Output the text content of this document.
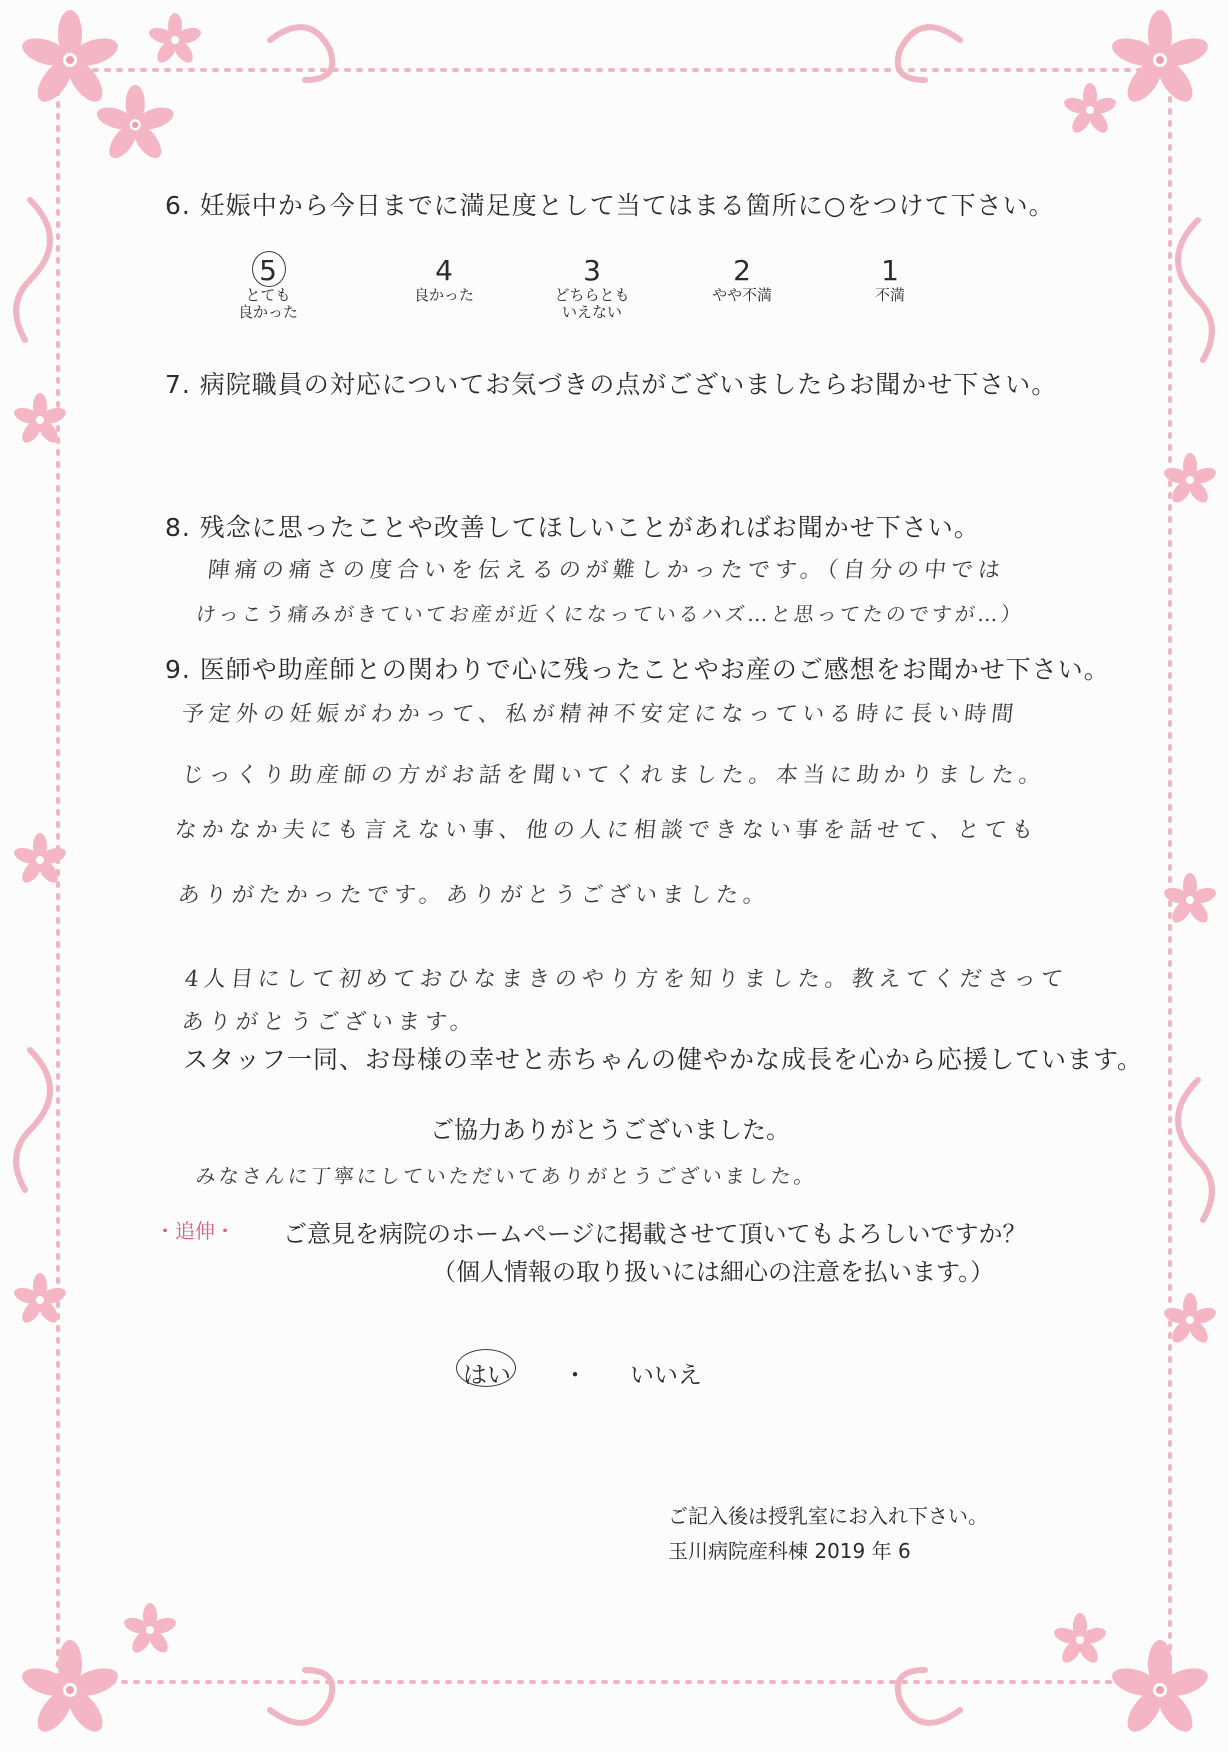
6. 妊娠中から今日までに満足度として当てはまる箇所に○をつけて下さい。
5
とても
良かった
4
良かった
3
どちらとも
いえない
2
やや不満
1
不満
7. 病院職員の対応についてお気づきの点がございましたらお聞かせ下さい。
8. 残念に思ったことや改善してほしいことがあればお聞かせ下さい。
陣痛の痛さの度合いを伝えるのが難しかったです。（自分の中では
けっこう痛みがきていてお産が近くになっているハズ…と思ってたのですが…）
9. 医師や助産師との関わりで心に残ったことやお産のご感想をお聞かせ下さい。
予定外の妊娠がわかって、私が精神不安定になっている時に長い時間
じっくり助産師の方がお話を聞いてくれました。本当に助かりました。
なかなか夫にも言えない事、他の人に相談できない事を話せて、とても
ありがたかったです。ありがとうございました。
4人目にして初めておひなまきのやり方を知りました。教えてくださって
ありがとうございます。
スタッフ一同、お母様の幸せと赤ちゃんの健やかな成長を心から応援しています。
ご協力ありがとうございました。
みなさんに丁寧にしていただいてありがとうございました。
・追伸・ ご意見を病院のホームページに掲載させて頂いてもよろしいですか？
（個人情報の取り扱いには細心の注意を払います。）
はい ・ いいえ
ご記入後は授乳室にお入れ下さい。
玉川病院産科棟 2019 年 6
